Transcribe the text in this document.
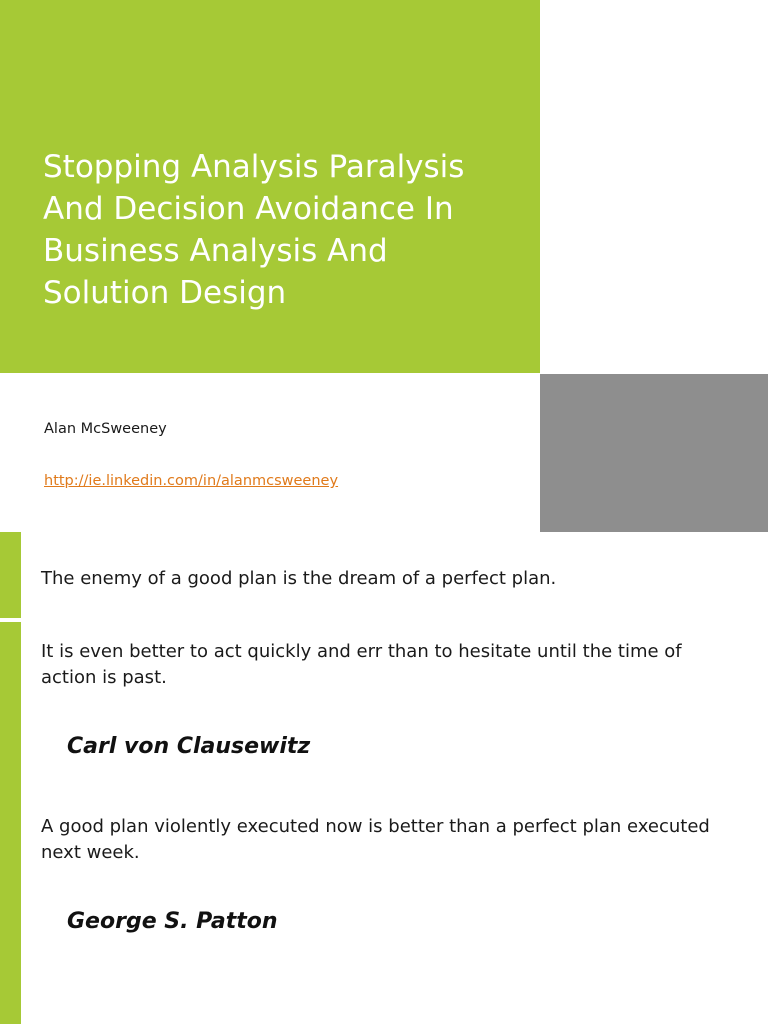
Stopping Analysis Paralysis And Decision Avoidance In Business Analysis And Solution Design
Alan McSweeney
http://ie.linkedin.com/in/alanmcsweeney

The enemy of a good plan is the dream of a perfect plan.

It is even better to act quickly and err than to hesitate until the time of action is past.

Carl von Clausewitz

A good plan violently executed now is better than a perfect plan executed next week.

George S. Patton
